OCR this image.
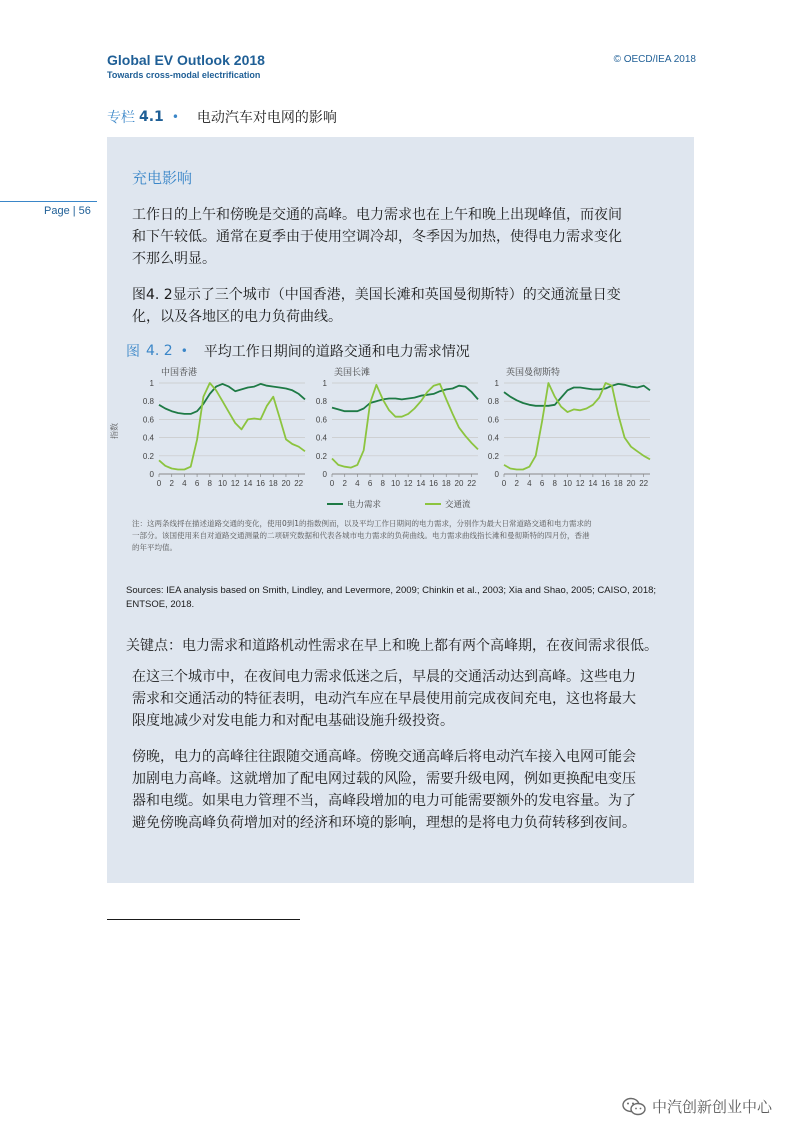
Global EV Outlook 2018
Towards cross-modal electrification
© OECD/IEA 2018
专栏 4.1 • 电动汽车对电网的影响
Page | 56
充电影响
工作日的上午和傍晚是交通的高峰。电力需求也在上午和晚上出现峰值，而夜间
和下午较低。通常在夏季由于使用空调冷却，冬季因为加热，使得电力需求变化
不那么明显。
图4. 2显示了三个城市（中国香港，美国长滩和英国曼彻斯特）的交通流量日变
化，以及各地区的电力负荷曲线。
图 4. 2 • 平均工作日期间的道路交通和电力需求情况
指数
0
0.2
0.4
0.6
0.8
1
0 2 4 6 8 10 12 14 16 18 20 22
中国香港
0
0.2
0.4
0.6
0.8
1
0 2 4 6 8 10 12 14 16 18 20 22
美国长滩
0
0.2
0.4
0.6
0.8
1
0 2 4 6 8 10 12 14 16 18 20 22
英国曼彻斯特
电力需求	交通流
注：这两条线捋在描述道路交通的变化，使用0到1的指数例而，以及平均工作日期间的电力需求，分别作为最大日常道路交通和电力需求的
一部分。该国使用来自对道路交通测量的二项研究数据和代表各城市电力需求的负荷曲线。电力需求曲线指长滩和曼彻斯特的四月份，香港
的年平均值。
Sources: IEA analysis based on Smith, Lindley, and Levermore, 2009; Chinkin et al., 2003; Xia and Shao, 2005; CAISO, 2018;
ENTSOE, 2018.
关键点：电力需求和道路机动性需求在早上和晚上都有两个高峰期，在夜间需求很低。
在这三个城市中，在夜间电力需求低迷之后，早晨的交通活动达到高峰。这些电力
需求和交通活动的特征表明，电动汽车应在早晨使用前完成夜间充电，这也将最大
限度地减少对发电能力和对配电基础设施升级投资。
傍晚，电力的高峰往往跟随交通高峰。傍晚交通高峰后将电动汽车接入电网可能会
加剧电力高峰。这就增加了配电网过载的风险，需要升级电网，例如更换配电变压
器和电缆。如果电力管理不当，高峰段增加的电力可能需要额外的发电容量。为了
避免傍晚高峰负荷增加对的经济和环境的影响，理想的是将电力负荷转移到夜间。
中汽创新创业中心
